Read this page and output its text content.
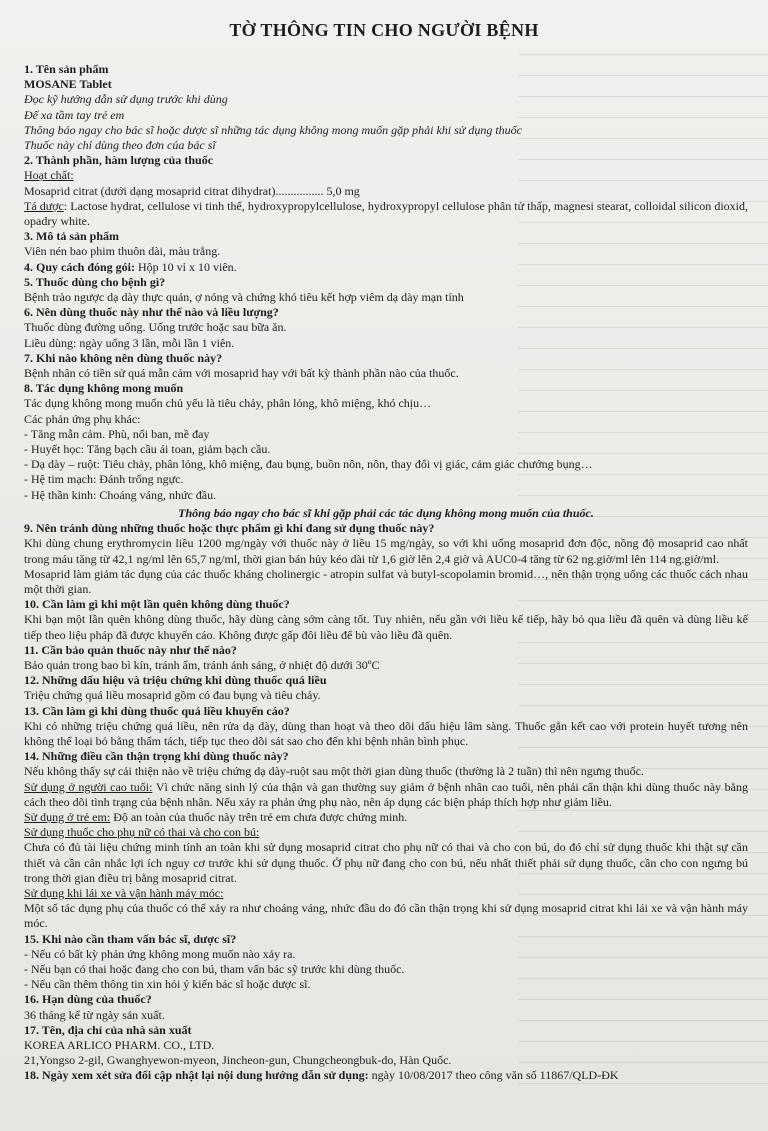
TỜ THÔNG TIN CHO NGƯỜI BỆNH
1. Tên sản phẩm
MOSANE Tablet
Đọc kỹ hướng dẫn sử dụng trước khi dùng
Để xa tầm tay trẻ em
Thông báo ngay cho bác sĩ hoặc dược sĩ những tác dụng không mong muốn gặp phải khi sử dụng thuốc
Thuốc này chỉ dùng theo đơn của bác sĩ
2. Thành phần, hàm lượng của thuốc
Hoạt chất:
Mosaprid citrat (dưới dạng mosaprid citrat dihydrat)................ 5,0 mg
Tá dược: Lactose hydrat, cellulose vi tinh thể, hydroxypropylcellulose, hydroxypropyl cellulose phân tử thấp, magnesi stearat, colloidal silicon dioxid, opadry white.
3. Mô tả sản phẩm
Viên nén bao phim thuôn dài, màu trắng.
4. Quy cách đóng gói: Hộp 10 vỉ x 10 viên.
5. Thuốc dùng cho bệnh gì?
Bệnh trào ngược dạ dày thực quản, ợ nóng và chứng khó tiêu kết hợp viêm dạ dày mạn tính
6. Nên dùng thuốc này như thế nào và liều lượng?
Thuốc dùng đường uống. Uống trước hoặc sau bữa ăn.
Liều dùng: ngày uống 3 lần, mỗi lần 1 viên.
7. Khi nào không nên dùng thuốc này?
Bệnh nhân có tiền sử quá mẫn cảm với mosaprid hay với bất kỳ thành phần nào của thuốc.
8. Tác dụng không mong muốn
Tác dụng không mong muốn chủ yếu là tiêu chảy, phân lỏng, khô miệng, khó chịu…
Các phản ứng phụ khác:
- Tăng mẫn cảm. Phù, nổi ban, mề đay
- Huyết học: Tăng bạch cầu ái toan, giảm bạch cầu.
- Dạ dày – ruột: Tiêu chảy, phân lỏng, khô miệng, đau bụng, buồn nôn, nôn, thay đổi vị giác, cảm giác chướng bụng…
- Hệ tim mạch: Đánh trống ngực.
- Hệ thần kinh: Choáng váng, nhức đầu.
Thông báo ngay cho bác sĩ khi gặp phải các tác dụng không mong muốn của thuốc.
9. Nên tránh dùng những thuốc hoặc thực phẩm gì khi đang sử dụng thuốc này?
Khi dùng chung erythromycin liều 1200 mg/ngày với thuốc này ở liều 15 mg/ngày, so với khi uống mosaprid đơn độc, nồng độ mosaprid cao nhất trong máu tăng từ 42,1 ng/ml lên 65,7 ng/ml, thời gian bán hủy kéo dài từ 1,6 giờ lên 2,4 giờ và AUC0-4 tăng từ 62 ng.giờ/ml lên 114 ng.giờ/ml.
Mosaprid làm giảm tác dụng của các thuốc kháng cholinergic - atropin sulfat và butyl-scopolamin bromid…, nên thận trọng uống các thuốc cách nhau một thời gian.
10. Cần làm gì khi một lần quên không dùng thuốc?
Khi bạn một lần quên không dùng thuốc, hãy dùng càng sớm càng tốt. Tuy nhiên, nếu gần với liều kế tiếp, hãy bỏ qua liều đã quên và dùng liều kế tiếp theo liệu pháp đã được khuyến cáo. Không được gấp đôi liều để bù vào liều đã quên.
11. Cần bảo quản thuốc này như thế nào?
Bảo quản trong bao bì kín, tránh ẩm, tránh ánh sáng, ở nhiệt độ dưới 30ºC
12. Những dấu hiệu và triệu chứng khi dùng thuốc quá liều
Triệu chứng quá liều mosaprid gồm có đau bụng và tiêu chảy.
13. Cần làm gì khi dùng thuốc quá liều khuyến cáo?
Khi có những triệu chứng quá liều, nên rửa dạ dày, dùng than hoạt và theo dõi dấu hiệu lâm sàng. Thuốc gắn kết cao với protein huyết tương nên không thể loại bỏ bằng thẩm tách, tiếp tục theo dõi sát sao cho đến khi bệnh nhân bình phục.
14. Những điều cần thận trọng khi dùng thuốc này?
Nếu không thấy sự cải thiện nào về triệu chứng dạ dày-ruột sau một thời gian dùng thuốc (thường là 2 tuần) thì nên ngưng thuốc.
Sử dụng ở người cao tuổi: Vì chức năng sinh lý của thận và gan thường suy giảm ở bệnh nhân cao tuổi, nên phải cẩn thận khi dùng thuốc này bằng cách theo dõi tình trạng của bệnh nhân. Nếu xảy ra phản ứng phụ nào, nên áp dụng các biện pháp thích hợp như giảm liều.
Sử dụng ở trẻ em: Độ an toàn của thuốc này trên trẻ em chưa được chứng minh.
Sử dụng thuốc cho phụ nữ có thai và cho con bú:
Chưa có đủ tài liệu chứng minh tính an toàn khi sử dụng mosaprid citrat cho phụ nữ có thai và cho con bú, do đó chỉ sử dụng thuốc khi thật sự cần thiết và cần cân nhắc lợi ích nguy cơ trước khi sử dụng thuốc. Ở phụ nữ đang cho con bú, nếu nhất thiết phải sử dụng thuốc, cần cho con ngưng bú trong thời gian điều trị bằng mosaprid citrat.
Sử dụng khi lái xe và vận hành máy móc:
Một số tác dụng phụ của thuốc có thể xảy ra như choáng váng, nhức đầu do đó cần thận trọng khi sử dụng mosaprid citrat khi lái xe và vận hành máy móc.
15. Khi nào cần tham vấn bác sĩ, dược sĩ?
- Nếu có bất kỳ phản ứng không mong muốn nào xảy ra.
- Nếu bạn có thai hoặc đang cho con bú, tham vấn bác sỹ trước khi dùng thuốc.
- Nếu cần thêm thông tin xin hỏi ý kiến bác sĩ hoặc dược sĩ.
16. Hạn dùng của thuốc?
36 tháng kể từ ngày sản xuất.
17. Tên, địa chỉ của nhà sản xuất
KOREA ARLICO PHARM. CO., LTD.
21,Yongso 2-gil, Gwanghyewon-myeon, Jincheon-gun, Chungcheongbuk-do, Hàn Quốc.
18. Ngày xem xét sửa đổi cập nhật lại nội dung hướng dẫn sử dụng: ngày 10/08/2017 theo công văn số 11867/QLD-ĐK
